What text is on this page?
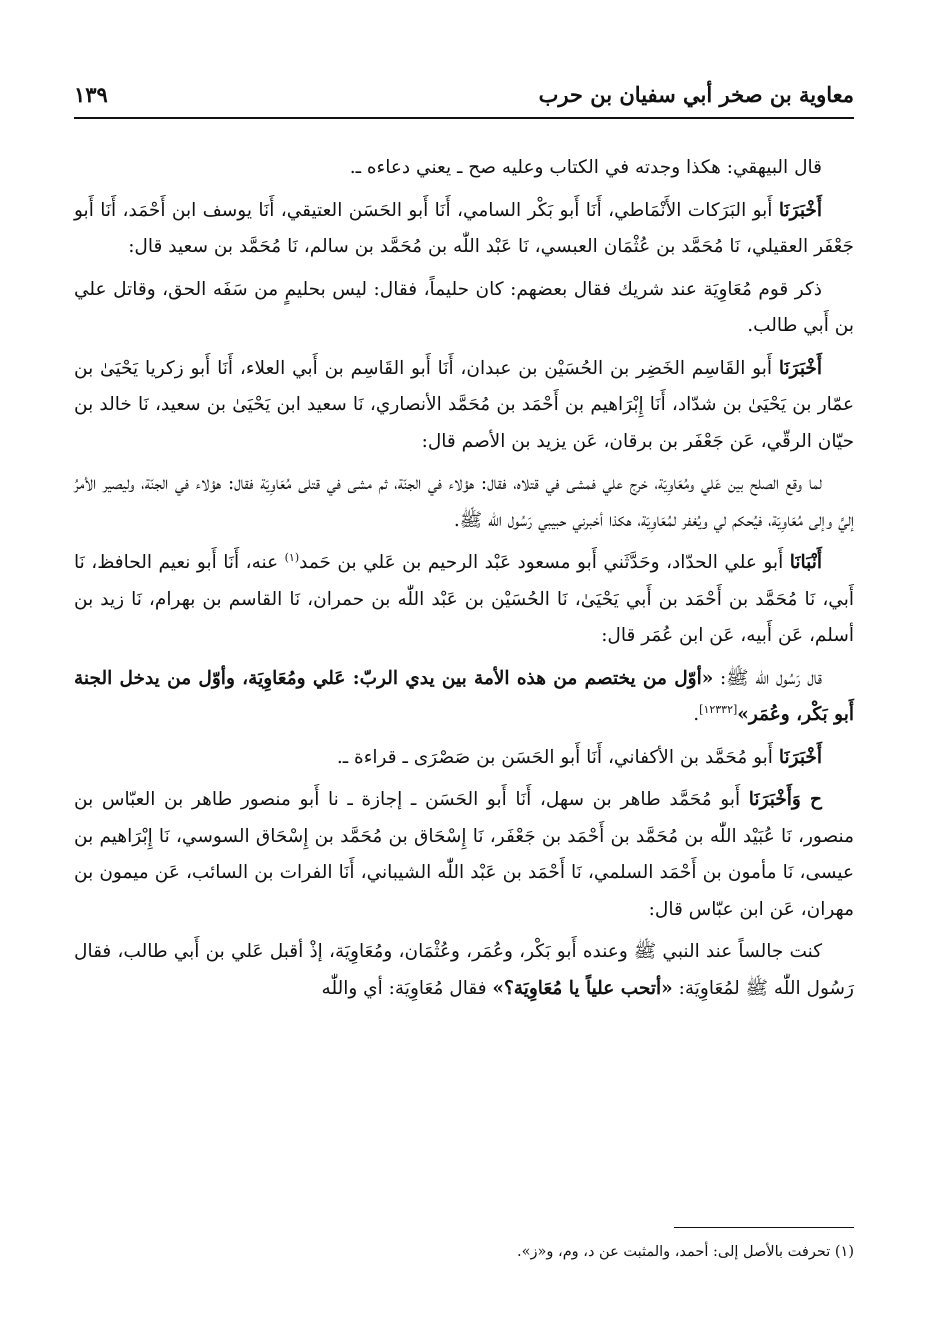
معاوية بن صخر أبي سفيان بن حرب
١٣٩

قال البيهقي: هكذا وجدته في الكتاب وعليه صح ـ يعني دعاءه ـ.

أَخْبَرَنَا أَبو البَرَكات الأَنْمَاطي، أَنَا أَبو بَكْر السامي، أَنَا أَبو الحَسَن العتيقي، أَنَا يوسف ابن أَحْمَد، أَنَا أَبو جَعْفَر العقيلي، نَا مُحَمَّد بن عُثْمَان العبسي، نَا عَبْد اللّٰه بن مُحَمَّد بن سالم، نَا مُحَمَّد بن سعيد قال:

ذكر قوم مُعَاوِيَة عند شريك فقال بعضهم: كان حليماً، فقال: ليس بحليمٍ من سَفَه الحق، وقاتل علي بن أَبي طالب.

أَخْبَرَنَا أَبو القَاسِم الخَضِر بن الحُسَيْن بن عبدان، أَنَا أَبو القَاسِم بن أَبي العلاء، أَنَا أَبو زكريا يَحْيَىٰ بن عمّار بن يَحْيَىٰ بن شدّاد، أَنَا إِبْرَاهيم بن أَحْمَد بن مُحَمَّد الأنصاري، نَا سعيد ابن يَحْيَىٰ بن سعيد، نَا خالد بن حيّان الرقّي، عَن جَعْفَر بن برقان، عَن يزيد بن الأصم قال:

لما وقع الصلح بين عَلي ومُعَاوِيَة، خرج علي فمشى في قتلاه، فقال: هؤلاء في الجنّة، ثم مشى في قتلى مُعَاوِيَة فقال: هؤلاء في الجنّة، وليصير الأمرُ إليَّ وإلى مُعَاوِيَة، فيُحكم لي ويُغفر لمُعَاوِيَة، هكذا أخبرني حبيبي رَسُول اللّٰه ﷺ.

أَنْبَانَا أَبو علي الحدّاد، وحَدَّثَني أَبو مسعود عَبْد الرحيم بن عَلي بن حَمد$^{(١)}$ عنه، أَنَا أَبو نعيم الحافظ، نَا أَبي، نَا مُحَمَّد بن أَحْمَد بن أَبي يَحْيَىٰ، نَا الحُسَيْن بن عَبْد اللّٰه بن حمران، نَا القاسم بن بهرام، نَا زيد بن أسلم، عَن أَبيه، عَن ابن عُمَر قال:

قال رَسُول اللّٰه ﷺ: «أوّل من يختصم من هذه الأمة بين يدي الربّ: عَلي ومُعَاوِيَة، وأوّل من يدخل الجنة أَبو بَكْر، وعُمَر»[١٢٣٣٢].

أَخْبَرَنَا أَبو مُحَمَّد بن الأكفاني، أَنَا أَبو الحَسَن بن صَصْرَى ـ قراءة ـ.

ح وَأَخْبَرَنَا أَبو مُحَمَّد طاهر بن سهل، أَنَا أَبو الحَسَن ـ إجازة ـ نا أَبو منصور طاهر بن العبّاس بن منصور، نَا عُبَيْد اللّٰه بن مُحَمَّد بن أَحْمَد بن جَعْفَر، نَا إِسْحَاق بن مُحَمَّد بن إِسْحَاق السوسي، نَا إِبْرَاهيم بن عيسى، نَا مأمون بن أَحْمَد السلمي، نَا أَحْمَد بن عَبْد اللّٰه الشيباني، أَنَا الفرات بن السائب، عَن ميمون بن مهران، عَن ابن عبّاس قال:

كنت جالساً عند النبي ﷺ وعنده أَبو بَكْر، وعُمَر، وعُثْمَان، ومُعَاوِيَة، إذْ أقبل عَلي بن أَبي طالب، فقال رَسُول اللّٰه ﷺ لمُعَاوِيَة: «أتحب علياً يا مُعَاوِيَة؟» فقال مُعَاوِيَة: أي واللّٰه

(١) تحرفت بالأصل إلى: أحمد، والمثبت عن د، وم، و«ز».
